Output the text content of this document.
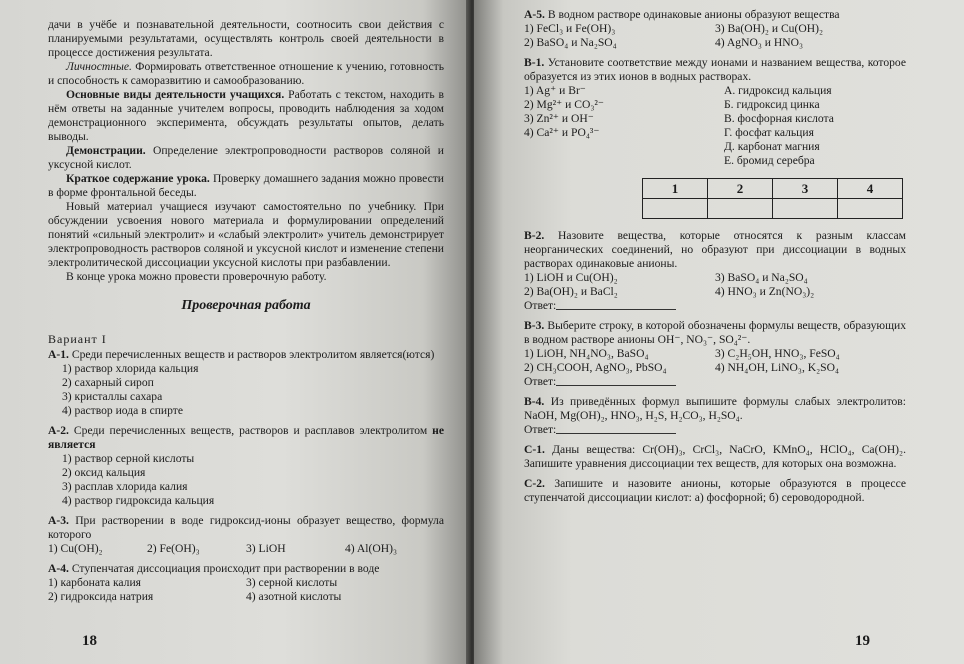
дачи в учёбе и познавательной деятельности, соотносить свои действия с планируемыми результатами, осуществлять контроль своей деятельности в процессе достижения результата.

Личностные. Формировать ответственное отношение к учению, готовность и способность к саморазвитию и самообразованию.

Основные виды деятельности учащихся. Работать с текстом, находить в нём ответы на заданные учителем вопросы, проводить наблюдения за ходом демонстрационного эксперимента, обсуждать результаты опытов, делать выводы.

Демонстрации. Определение электропроводности растворов соляной и уксусной кислот.

Краткое содержание урока. Проверку домашнего задания можно провести в форме фронтальной беседы.

Новый материал учащиеся изучают самостоятельно по учебнику. При обсуждении усвоения нового материала и формулировании определений понятий «сильный электролит» и «слабый электролит» учитель демонстрирует электропроводность растворов соляной и уксусной кислот и изменение степени электролитической диссоциации уксусной кислоты при разбавлении.

В конце урока можно провести проверочную работу.

Проверочная работа
Вариант I

А-1. Среди перечисленных веществ и растворов электролитом является(ются)

1) раствор хлорида кальция
2) сахарный сироп
3) кристаллы сахара
4) раствор иода в спирте

А-2. Среди перечисленных веществ, растворов и расплавов электролитом не является

1) раствор серной кислоты
2) оксид кальция
3) расплав хлорида калия
4) раствор гидроксида кальция

А-3. При растворении в воде гидроксид-ионы образует вещество, формула которого

1) Cu(OH)₂	2) Fe(OH)₃	3) LiOH	4) Al(OH)₃

А-4. Ступенчатая диссоциация происходит при растворении в воде

1) карбоната калия	3) серной кислоты
2) гидроксида натрия	4) азотной кислоты
18

А-5. В водном растворе одинаковые анионы образуют вещества

1) FeCl₃ и Fe(OH)₃	3) Ba(OH)₂ и Cu(OH)₂
2) BaSO₄ и Na₂SO₄	4) AgNO₃ и HNO₃

В-1. Установите соответствие между ионами и названием вещества, которое образуется из этих ионов в водных растворах.

1) Ag⁺ и Br⁻	А. гидроксид кальция
2) Mg²⁺ и CO₃²⁻	Б. гидроксид цинка
3) Zn²⁺ и OH⁻	В. фосфорная кислота
4) Ca²⁺ и PO₄³⁻	Г. фосфат кальция
Д. карбонат магния
Е. бромид серебра
1	2	3	4

В-2. Назовите вещества, которые относятся к разным классам неорганических соединений, но образуют при диссоциации в водных растворах одинаковые анионы.

1) LiOH и Cu(OH)₂	3) BaSO₄ и Na₂SO₄
2) Ba(OH)₂ и BaCl₂	4) HNO₃ и Zn(NO₃)₂
Ответ:

В-3. Выберите строку, в которой обозначены формулы веществ, образующих в водном растворе анионы OH⁻, NO₃⁻, SO₄²⁻.

1) LiOH, NH₄NO₃, BaSO₄	3) C₂H₅OH, HNO₃, FeSO₄
2) CH₃COOH, AgNO₃, PbSO₄	4) NH₄OH, LiNO₃, K₂SO₄
Ответ:

В-4. Из приведённых формул выпишите формулы слабых электролитов: NaOH, Mg(OH)₂, HNO₃, H₂S, H₂CO₃, H₂SO₄.

Ответ:

С-1. Даны вещества: Cr(OH)₃, CrCl₃, NaCrO, KMnO₄, HClO₄, Ca(OH)₂. Запишите уравнения диссоциации тех веществ, для которых она возможна.

С-2. Запишите и назовите анионы, которые образуются в процессе ступенчатой диссоциации кислот: а) фосфорной; б) сероводородной.

19
